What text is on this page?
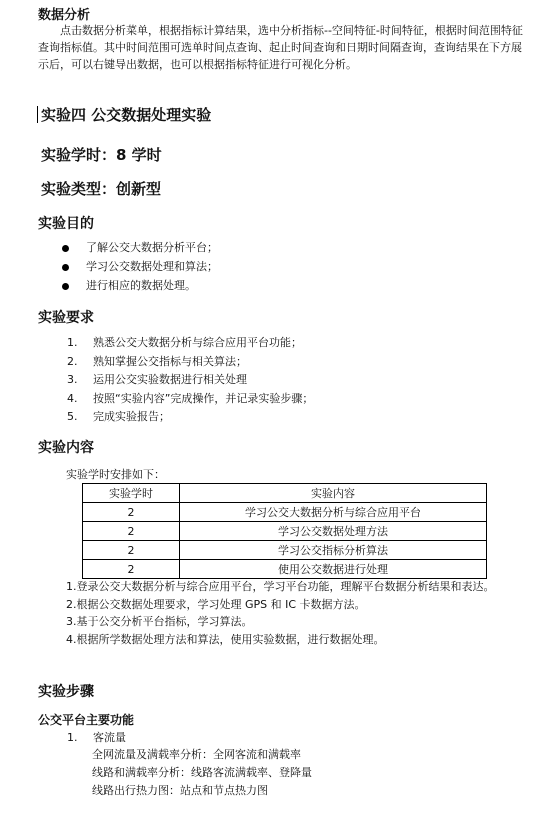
数据分析

点击数据分析菜单，根据指标计算结果，选中分析指标--空间特征-时间特征，根据时间范围特征查询指标值。其中时间范围可选单时间点查询、起止时间查询和日期时间隔查询，查询结果在下方展示后，可以右键导出数据，也可以根据指标特征进行可视化分析。

实验四 公交数据处理实验
实验学时：8 学时
实验类型：创新型
实验目的
了解公交大数据分析平台；
学习公交数据处理和算法；
进行相应的数据处理。
实验要求
1. 熟悉公交大数据分析与综合应用平台功能；
2. 熟知掌握公交指标与相关算法；
3. 运用公交实验数据进行相关处理
4. 按照“实验内容”完成操作，并记录实验步骤；
5. 完成实验报告；
实验内容
实验学时安排如下：
实验学时	实验内容
2	学习公交大数据分析与综合应用平台
2	学习公交数据处理方法
2	学习公交指标分析算法
2	使用公交数据进行处理
1.登录公交大数据分析与综合应用平台，学习平台功能，理解平台数据分析结果和表达。
2.根据公交数据处理要求，学习处理 GPS 和 IC 卡数据方法。
3.基于公交分析平台指标，学习算法。
4.根据所学数据处理方法和算法，使用实验数据，进行数据处理。
实验步骤
公交平台主要功能
1. 客流量
全网流量及满载率分析：全网客流和满载率
线路和满载率分析：线路客流满载率、登降量
线路出行热力图：站点和节点热力图
